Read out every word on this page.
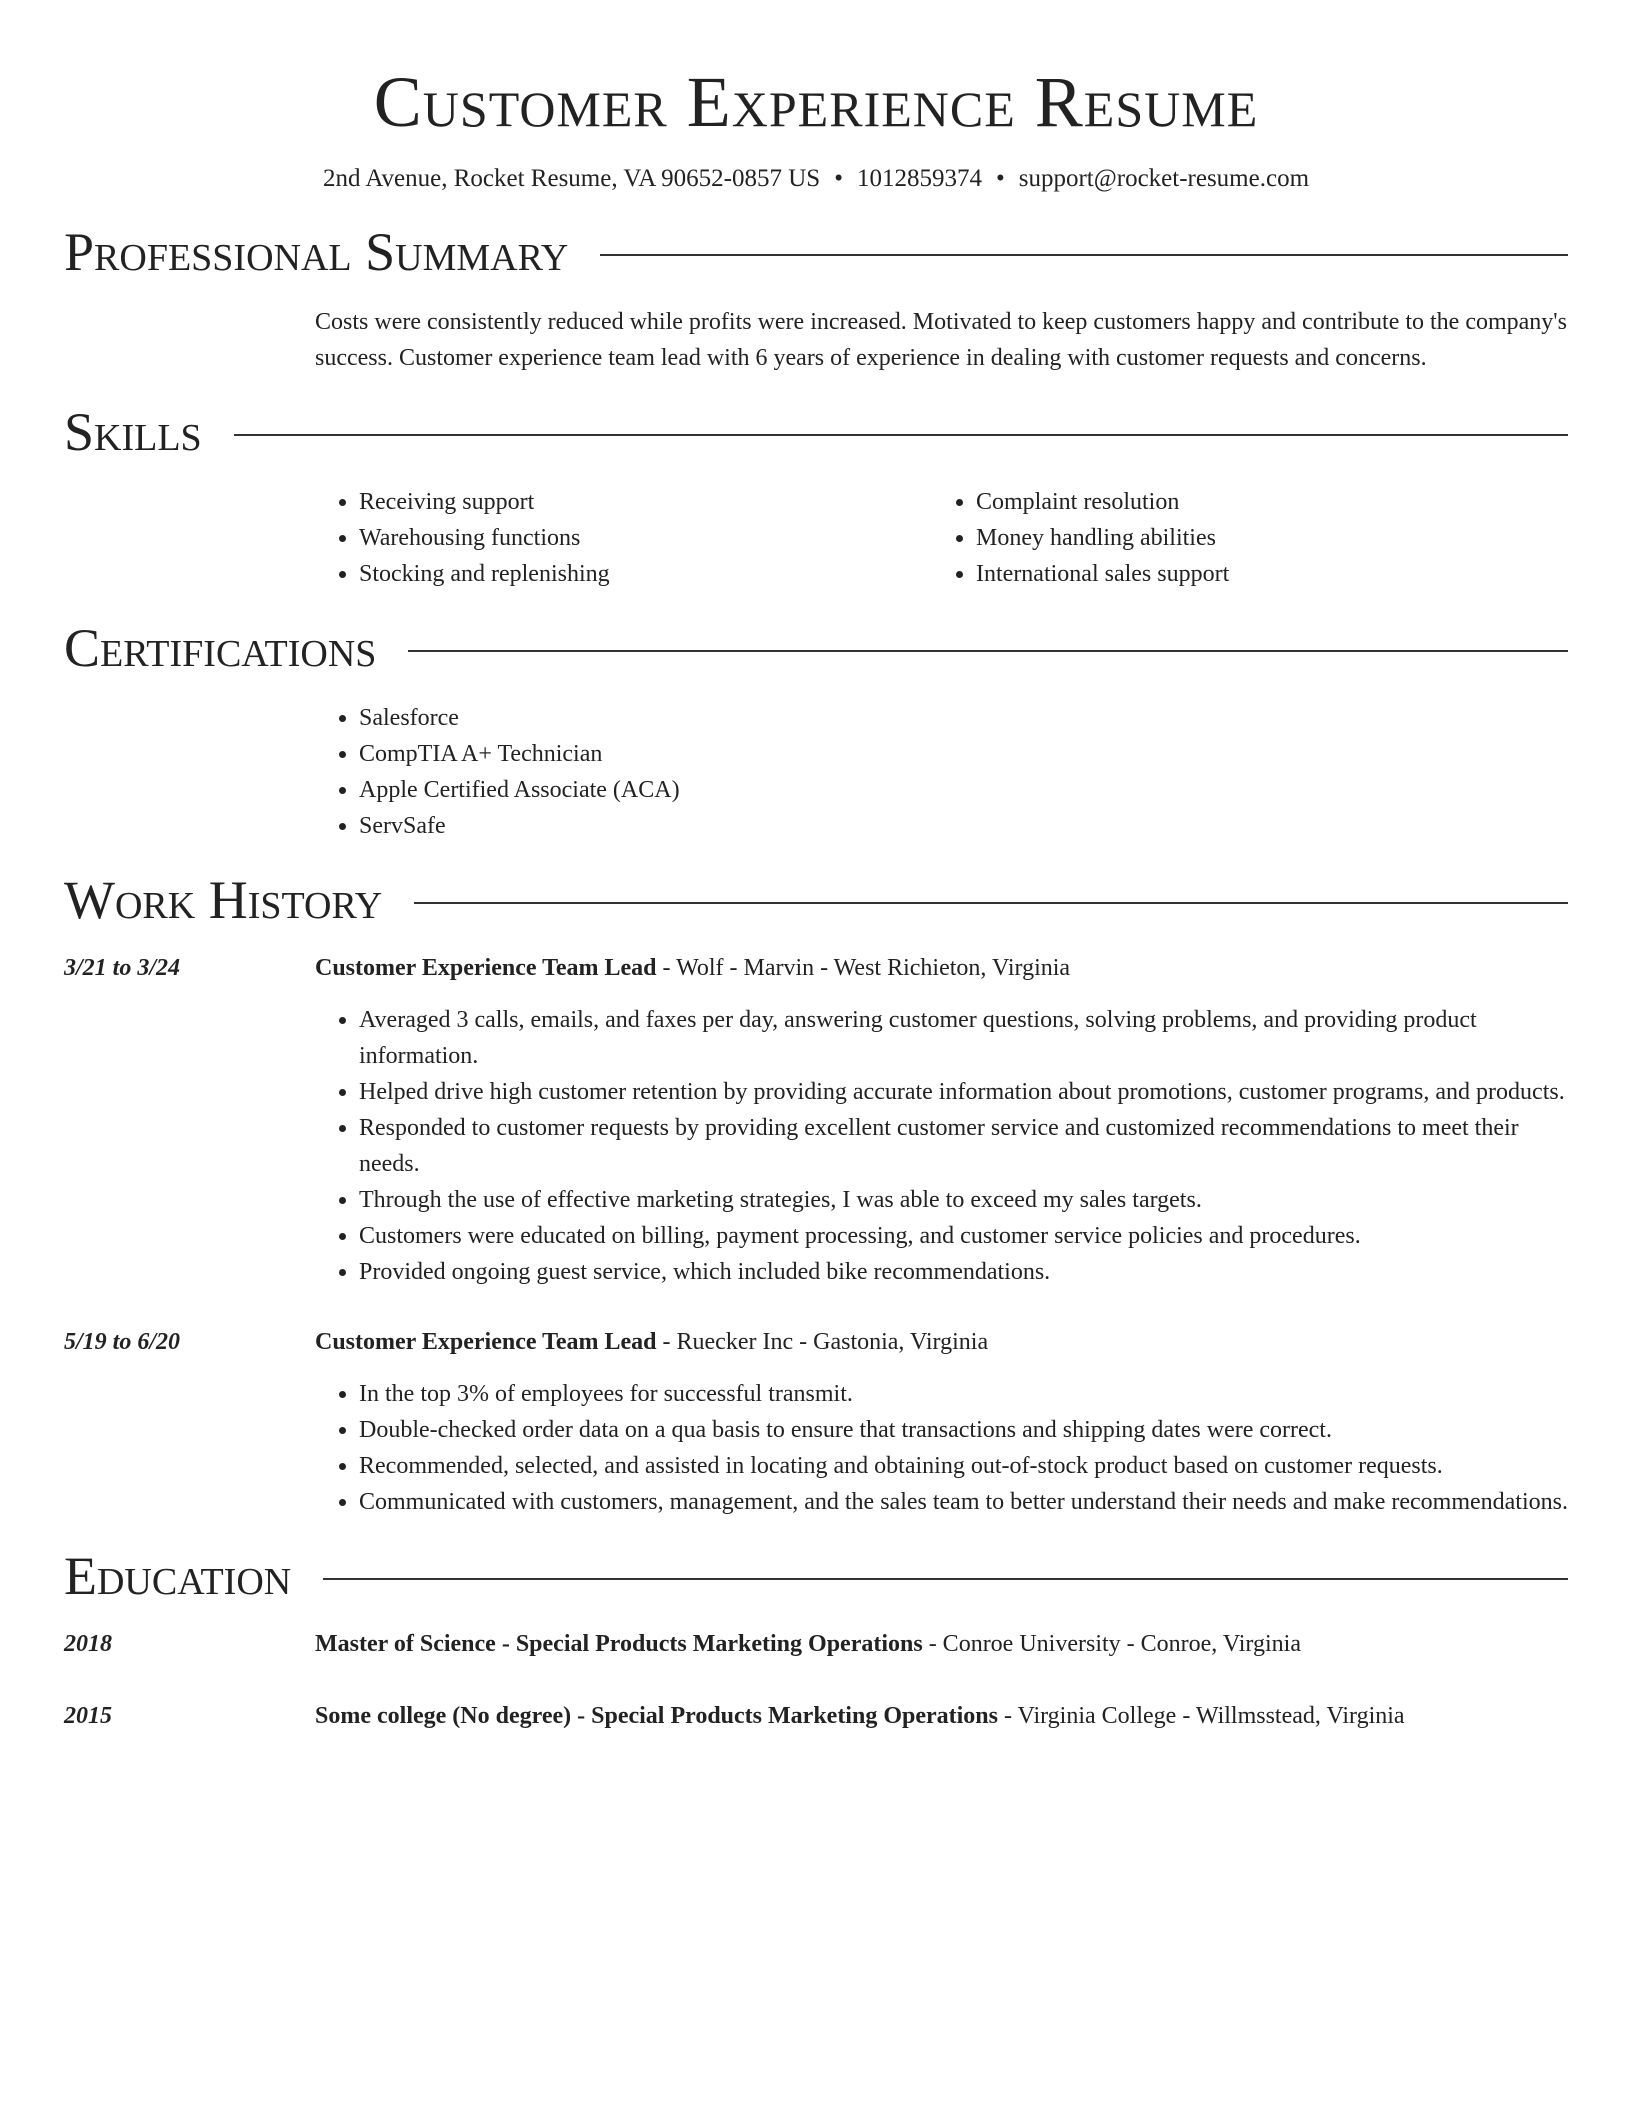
Customer Experience Resume
2nd Avenue, Rocket Resume, VA 90652-0857 US • 1012859374 • support@rocket-resume.com
Professional Summary
Costs were consistently reduced while profits were increased. Motivated to keep customers happy and contribute to the company's success. Customer experience team lead with 6 years of experience in dealing with customer requests and concerns.
Skills
• Receiving support
• Warehousing functions
• Stocking and replenishing
• Complaint resolution
• Money handling abilities
• International sales support
Certifications
• Salesforce
• CompTIA A+ Technician
• Apple Certified Associate (ACA)
• ServSafe
Work History
3/21 to 3/24	Customer Experience Team Lead - Wolf - Marvin - West Richieton, Virginia
• Averaged 3 calls, emails, and faxes per day, answering customer questions, solving problems, and providing product information.
• Helped drive high customer retention by providing accurate information about promotions, customer programs, and products.
• Responded to customer requests by providing excellent customer service and customized recommendations to meet their needs.
• Through the use of effective marketing strategies, I was able to exceed my sales targets.
• Customers were educated on billing, payment processing, and customer service policies and procedures.
• Provided ongoing guest service, which included bike recommendations.
5/19 to 6/20	Customer Experience Team Lead - Ruecker Inc - Gastonia, Virginia
• In the top 3% of employees for successful transmit.
• Double-checked order data on a qua basis to ensure that transactions and shipping dates were correct.
• Recommended, selected, and assisted in locating and obtaining out-of-stock product based on customer requests.
• Communicated with customers, management, and the sales team to better understand their needs and make recommendations.
Education
2018	Master of Science - Special Products Marketing Operations - Conroe University - Conroe, Virginia
2015	Some college (No degree) - Special Products Marketing Operations - Virginia College - Willmsstead, Virginia
